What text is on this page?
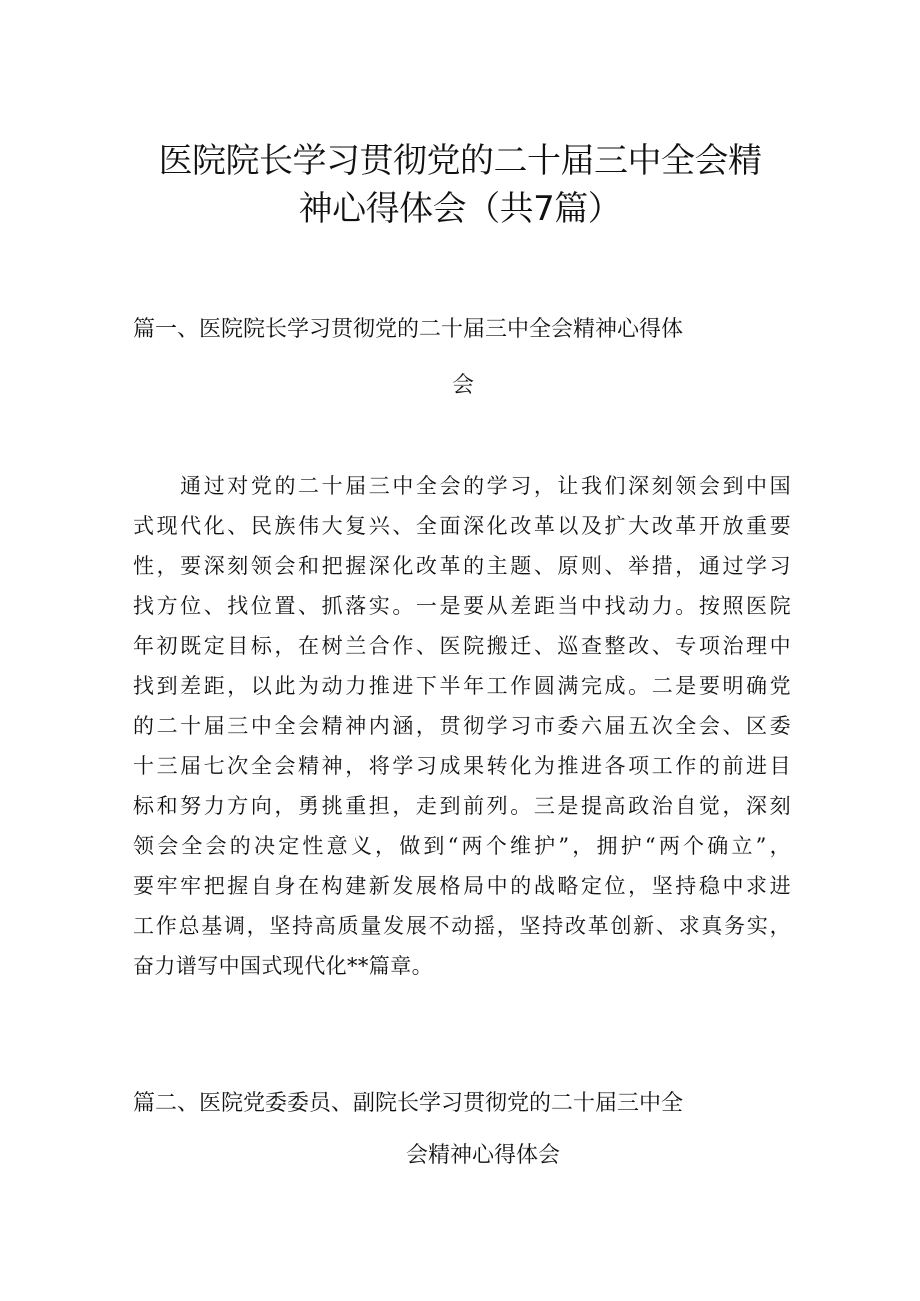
医院院长学习贯彻党的二十届三中全会精
神心得体会（共7篇）
篇一、医院院长学习贯彻党的二十届三中全会精神心得体
会
　　通过对党的二十届三中全会的学习，让我们深刻领会到中国
式现代化、民族伟大复兴、全面深化改革以及扩大改革开放重要
性，要深刻领会和把握深化改革的主题、原则、举措，通过学习
找方位、找位置、抓落实。一是要从差距当中找动力。按照医院
年初既定目标，在树兰合作、医院搬迁、巡查整改、专项治理中
找到差距，以此为动力推进下半年工作圆满完成。二是要明确党
的二十届三中全会精神内涵，贯彻学习市委六届五次全会、区委
十三届七次全会精神，将学习成果转化为推进各项工作的前进目
标和努力方向，勇挑重担，走到前列。三是提高政治自觉，深刻
领会全会的决定性意义，做到“两个维护”，拥护“两个确立”，
要牢牢把握自身在构建新发展格局中的战略定位，坚持稳中求进
工作总基调，坚持高质量发展不动摇，坚持改革创新、求真务实，
奋力谱写中国式现代化**篇章。
篇二、医院党委委员、副院长学习贯彻党的二十届三中全
会精神心得体会
